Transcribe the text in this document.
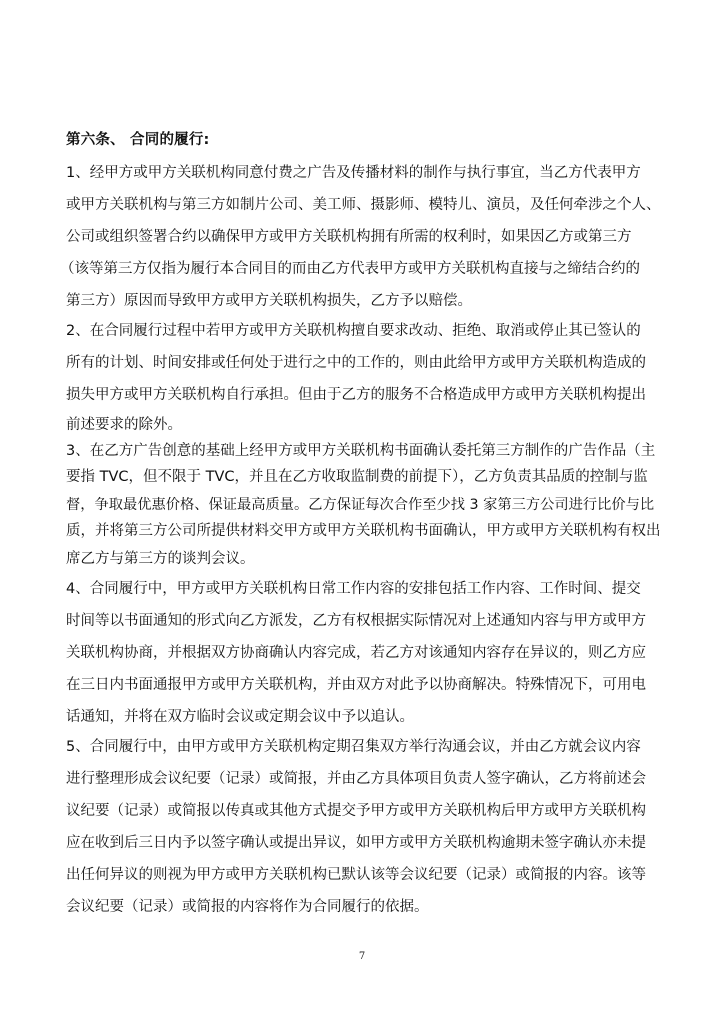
第六条、 合同的履行:
1、经甲方或甲方关联机构同意付费之广告及传播材料的制作与执行事宜，当乙方代表甲方
或甲方关联机构与第三方如制片公司、美工师、摄影师、模特儿、演员，及任何牵涉之个人、
公司或组织签署合约以确保甲方或甲方关联机构拥有所需的权利时，如果因乙方或第三方
（该等第三方仅指为履行本合同目的而由乙方代表甲方或甲方关联机构直接与之缔结合约的
第三方）原因而导致甲方或甲方关联机构损失，乙方予以赔偿。
2、在合同履行过程中若甲方或甲方关联机构擅自要求改动、拒绝、取消或停止其已签认的
所有的计划、时间安排或任何处于进行之中的工作的，则由此给甲方或甲方关联机构造成的
损失甲方或甲方关联机构自行承担。但由于乙方的服务不合格造成甲方或甲方关联机构提出
前述要求的除外。
3、在乙方广告创意的基础上经甲方或甲方关联机构书面确认委托第三方制作的广告作品（主
要指 TVC，但不限于 TVC，并且在乙方收取监制费的前提下），乙方负责其品质的控制与监
督，争取最优惠价格、保证最高质量。乙方保证每次合作至少找 3 家第三方公司进行比价与比
质，并将第三方公司所提供材料交甲方或甲方关联机构书面确认，甲方或甲方关联机构有权出
席乙方与第三方的谈判会议。
4、合同履行中，甲方或甲方关联机构日常工作内容的安排包括工作内容、工作时间、提交
时间等以书面通知的形式向乙方派发，乙方有权根据实际情况对上述通知内容与甲方或甲方
关联机构协商，并根据双方协商确认内容完成，若乙方对该通知内容存在异议的，则乙方应
在三日内书面通报甲方或甲方关联机构，并由双方对此予以协商解决。特殊情况下，可用电
话通知，并将在双方临时会议或定期会议中予以追认。
5、合同履行中，由甲方或甲方关联机构定期召集双方举行沟通会议，并由乙方就会议内容
进行整理形成会议纪要（记录）或简报，并由乙方具体项目负责人签字确认，乙方将前述会
议纪要（记录）或简报以传真或其他方式提交予甲方或甲方关联机构后甲方或甲方关联机构
应在收到后三日内予以签字确认或提出异议，如甲方或甲方关联机构逾期未签字确认亦未提
出任何异议的则视为甲方或甲方关联机构已默认该等会议纪要（记录）或简报的内容。该等
会议纪要（记录）或简报的内容将作为合同履行的依据。
7
